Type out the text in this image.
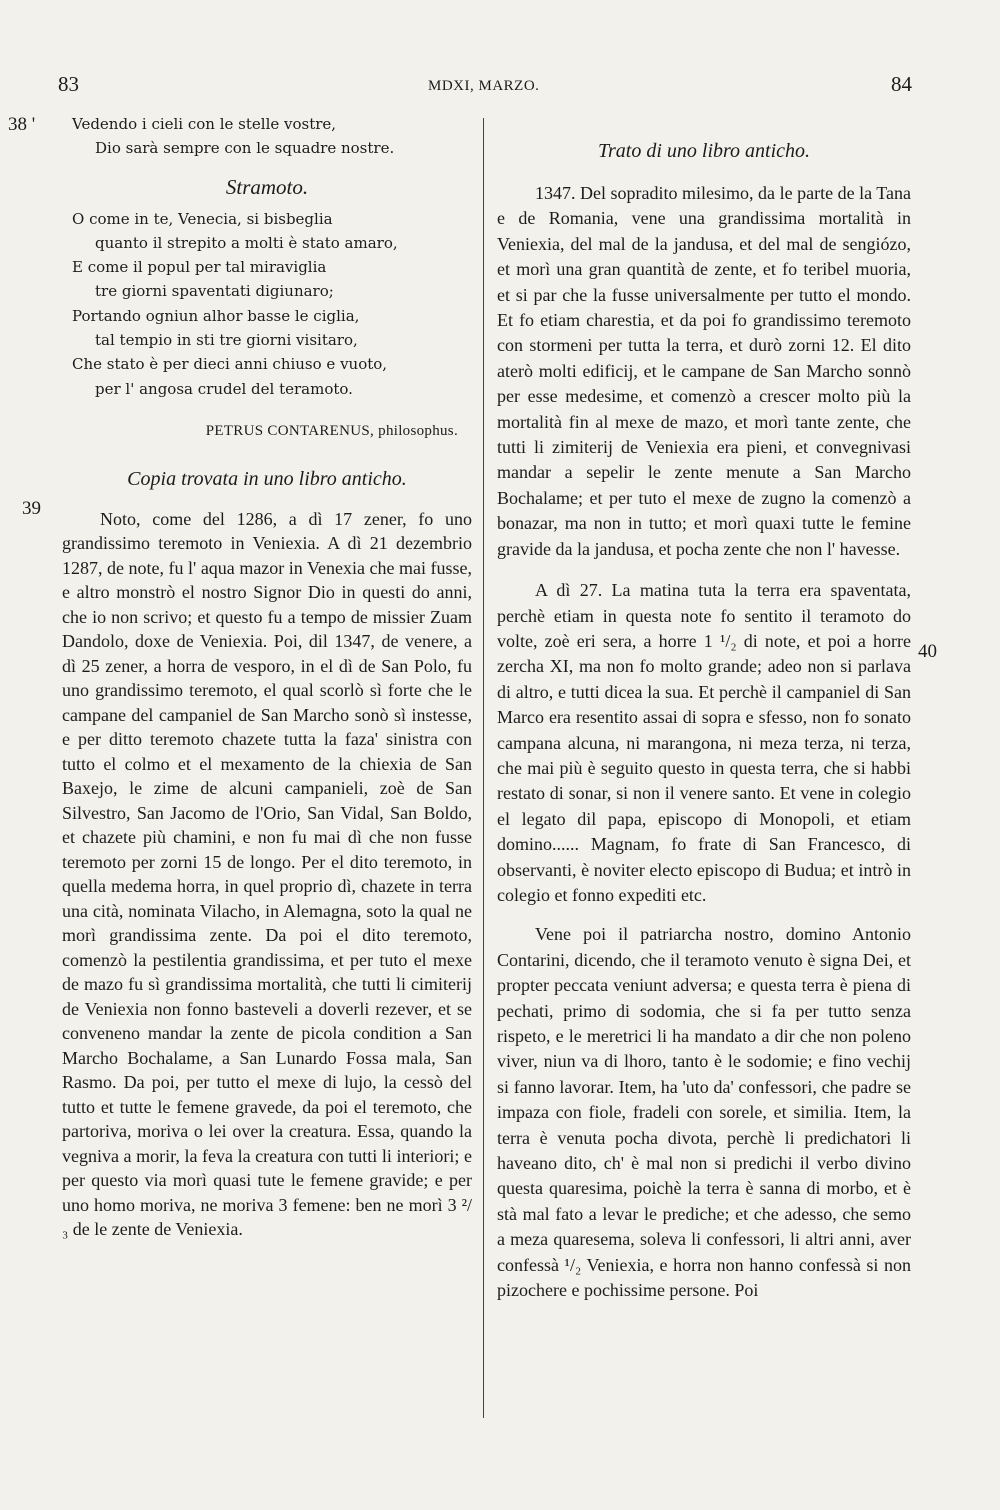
83	MDXI, MARZO.	84
38 '
39
40
Vedendo i cieli con le stelle vostre,
Dio sarà sempre con le squadre nostre.
Stramoto.
O come in te, Venecia, si bisbeglia
quanto il strepito a molti è stato amaro,
E come il popul per tal miraviglia
tre giorni spaventati digiunaro;
Portando ogniun alhor basse le ciglia,
tal tempio in sti tre giorni visitaro,
Che stato è per dieci anni chiuso e vuoto,
per l' angosa crudel del teramoto.
PETRUS CONTARENUS, philosophus.
Copia trovata in uno libro anticho.

Noto, come del 1286, a dì 17 zener, fo uno grandissimo teremoto in Veniexia. A dì 21 dezembrio 1287, de note, fu l' aqua mazor in Venexia che mai fusse, e altro monstrò el nostro Signor Dio in questi do anni, che io non scrivo; et questo fu a tempo de missier Zuam Dandolo, doxe de Veniexia. Poi, dil 1347, de venere, a dì 25 zener, a horra de vesporo, in el dì de San Polo, fu uno grandissimo teremoto, el qual scorlò sì forte che le campane del campaniel de San Marcho sonò sì instesse, e per ditto teremoto chazete tutta la faza' sinistra con tutto el colmo et el mexamento de la chiexia de San Baxejo, le zime de alcuni campanieli, zoè de San Silvestro, San Jacomo de l'Orio, San Vidal, San Boldo, et chazete più chamini, e non fu mai dì che non fusse teremoto per zorni 15 de longo. Per el dito teremoto, in quella medema horra, in quel proprio dì, chazete in terra una cità, nominata Vilacho, in Alemagna, soto la qual ne morì grandissima zente. Da poi el dito teremoto, comenzò la pestilentia grandissima, et per tuto el mexe de mazo fu sì grandissima mortalità, che tutti li cimiterij de Veniexia non fonno basteveli a doverli rezever, et se conveneno mandar la zente de picola condition a San Marcho Bochalame, a San Lunardo Fossa mala, San Rasmo. Da poi, per tutto el mexe di lujo, la cessò del tutto et tutte le femene gravede, da poi el teremoto, che partoriva, moriva o lei over la creatura. Essa, quando la vegniva a morir, la feva la creatura con tutti li interiori; e per questo via morì quasi tute le femene gravide; e per uno homo moriva, ne moriva 3 femene: ben ne morì 3 ²/₃ de le zente de Veniexia.

Trato di uno libro anticho.

1347. Del sopradito milesimo, da le parte de la Tana e de Romania, vene una grandissima mortalità in Veniexia, del mal de la jandusa, et del mal de sengiózo, et morì una gran quantità de zente, et fo teribel muoria, et si par che la fusse universalmente per tutto el mondo. Et fo etiam charestia, et da poi fo grandissimo teremoto con stormeni per tutta la terra, et durò zorni 12. El dito aterò molti edificij, et le campane de San Marcho sonnò per esse medesime, et comenzò a crescer molto più la mortalità fin al mexe de mazo, et morì tante zente, che tutti li zimiterij de Veniexia era pieni, et convegnivasi mandar a sepelir le zente menute a San Marcho Bochalame; et per tuto el mexe de zugno la comenzò a bonazar, ma non in tutto; et morì quaxi tutte le femine gravide da la jandusa, et pocha zente che non l' havesse.

A dì 27. La matina tuta la terra era spaventata, perchè etiam in questa note fo sentito il teramoto do volte, zoè eri sera, a horre 1 ¹/₂ di note, et poi a horre zercha XI, ma non fo molto grande; adeo non si parlava di altro, e tutti dicea la sua. Et perchè il campaniel di San Marco era resentito assai di sopra e sfesso, non fo sonato campana alcuna, ni marangona, ni meza terza, ni terza, che mai più è seguito questo in questa terra, che si habbi restato di sonar, si non il venere santo. Et vene in colegio el legato dil papa, episcopo di Monopoli, et etiam domino...... Magnam, fo frate di San Francesco, di observanti, è noviter electo episcopo di Budua; et intrò in colegio et fonno expediti etc.

Vene poi il patriarcha nostro, domino Antonio Contarini, dicendo, che il teramoto venuto è signa Dei, et propter peccata veniunt adversa; e questa terra è piena di pechati, primo di sodomia, che si fa per tutto senza rispeto, e le meretrici li ha mandato a dir che non poleno viver, niun va di lhoro, tanto è le sodomie; e fino vechij si fanno lavorar. Item, ha 'uto da' confessori, che padre se impaza con fiole, fradeli con sorele, et similia. Item, la terra è venuta pocha divota, perchè li predichatori li haveano dito, ch' è mal non si predichi il verbo divino questa quaresima, poichè la terra è sanna di morbo, et è stà mal fato a levar le prediche; et che adesso, che semo a meza quaresema, soleva li confessori, li altri anni, aver confessà ¹/₂ Veniexia, e horra non hanno confessà si non pizochere e pochissime persone. Poi
